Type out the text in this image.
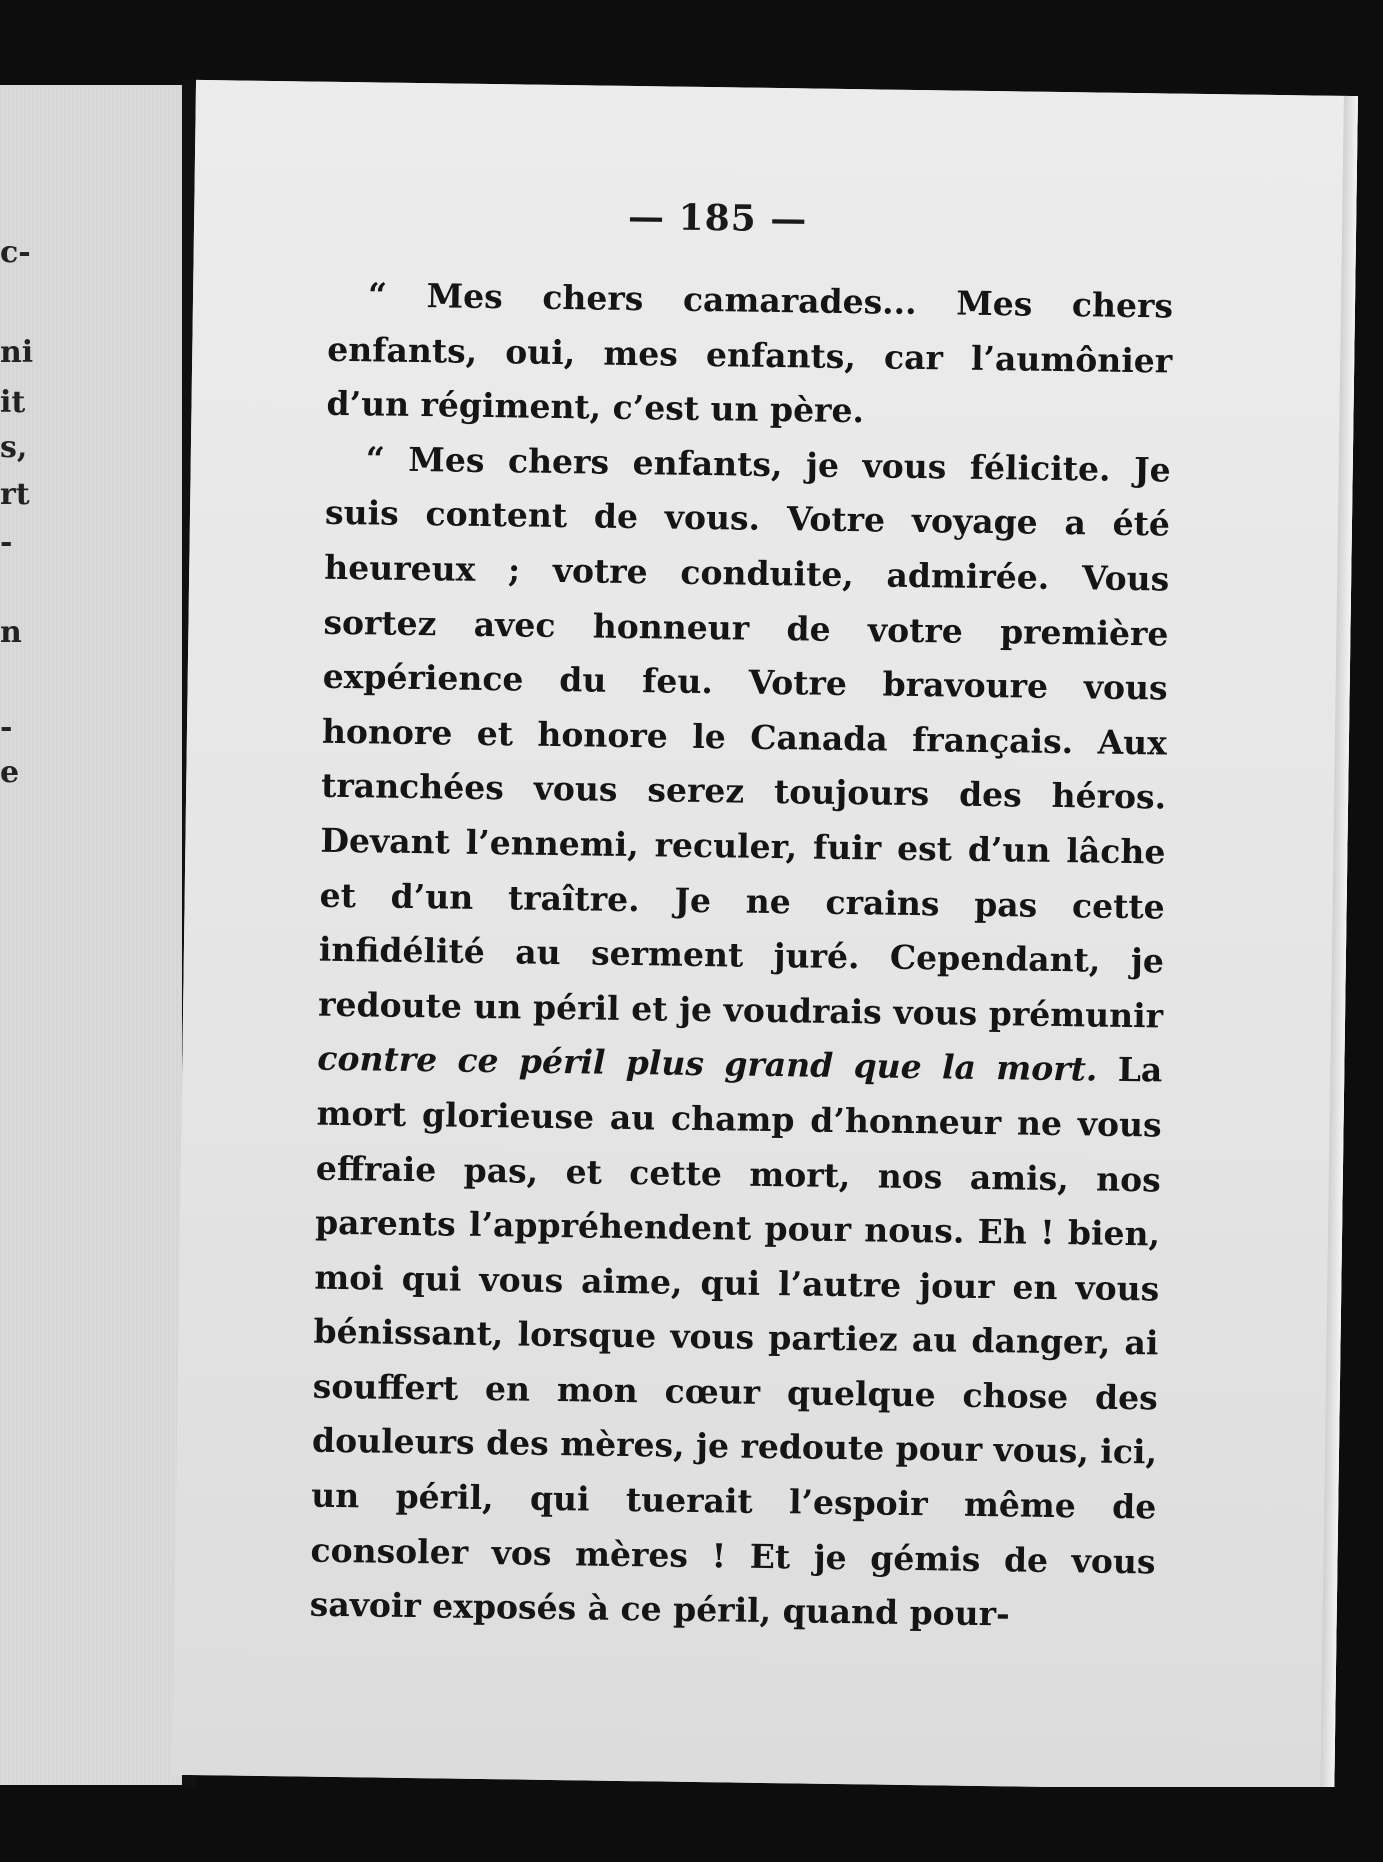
c-
ni
it
s,
rt
-
n
-
e
— 185 —

“ Mes chers camarades... Mes chers enfants, oui, mes enfants, car l’aumônier d’un régiment, c’est un père.

“ Mes chers enfants, je vous félicite. Je suis content de vous. Votre voyage a été heureux ; votre conduite, admirée. Vous sortez avec honneur de votre première expérience du feu. Votre bravoure vous honore et honore le Canada français. Aux tranchées vous serez toujours des héros. Devant l’ennemi, reculer, fuir est d’un lâche et d’un traître. Je ne crains pas cette infidélité au serment juré. Cependant, je redoute un péril et je voudrais vous prémunir contre ce péril plus grand que la mort. La mort glorieuse au champ d’honneur ne vous effraie pas, et cette mort, nos amis, nos parents l’appréhendent pour nous. Eh ! bien, moi qui vous aime, qui l’autre jour en vous bénissant, lorsque vous partiez au danger, ai souffert en mon cœur quelque chose des douleurs des mères, je redoute pour vous, ici, un péril, qui tuerait l’espoir même de consoler vos mères ! Et je gémis de vous savoir exposés à ce péril, quand pour-
